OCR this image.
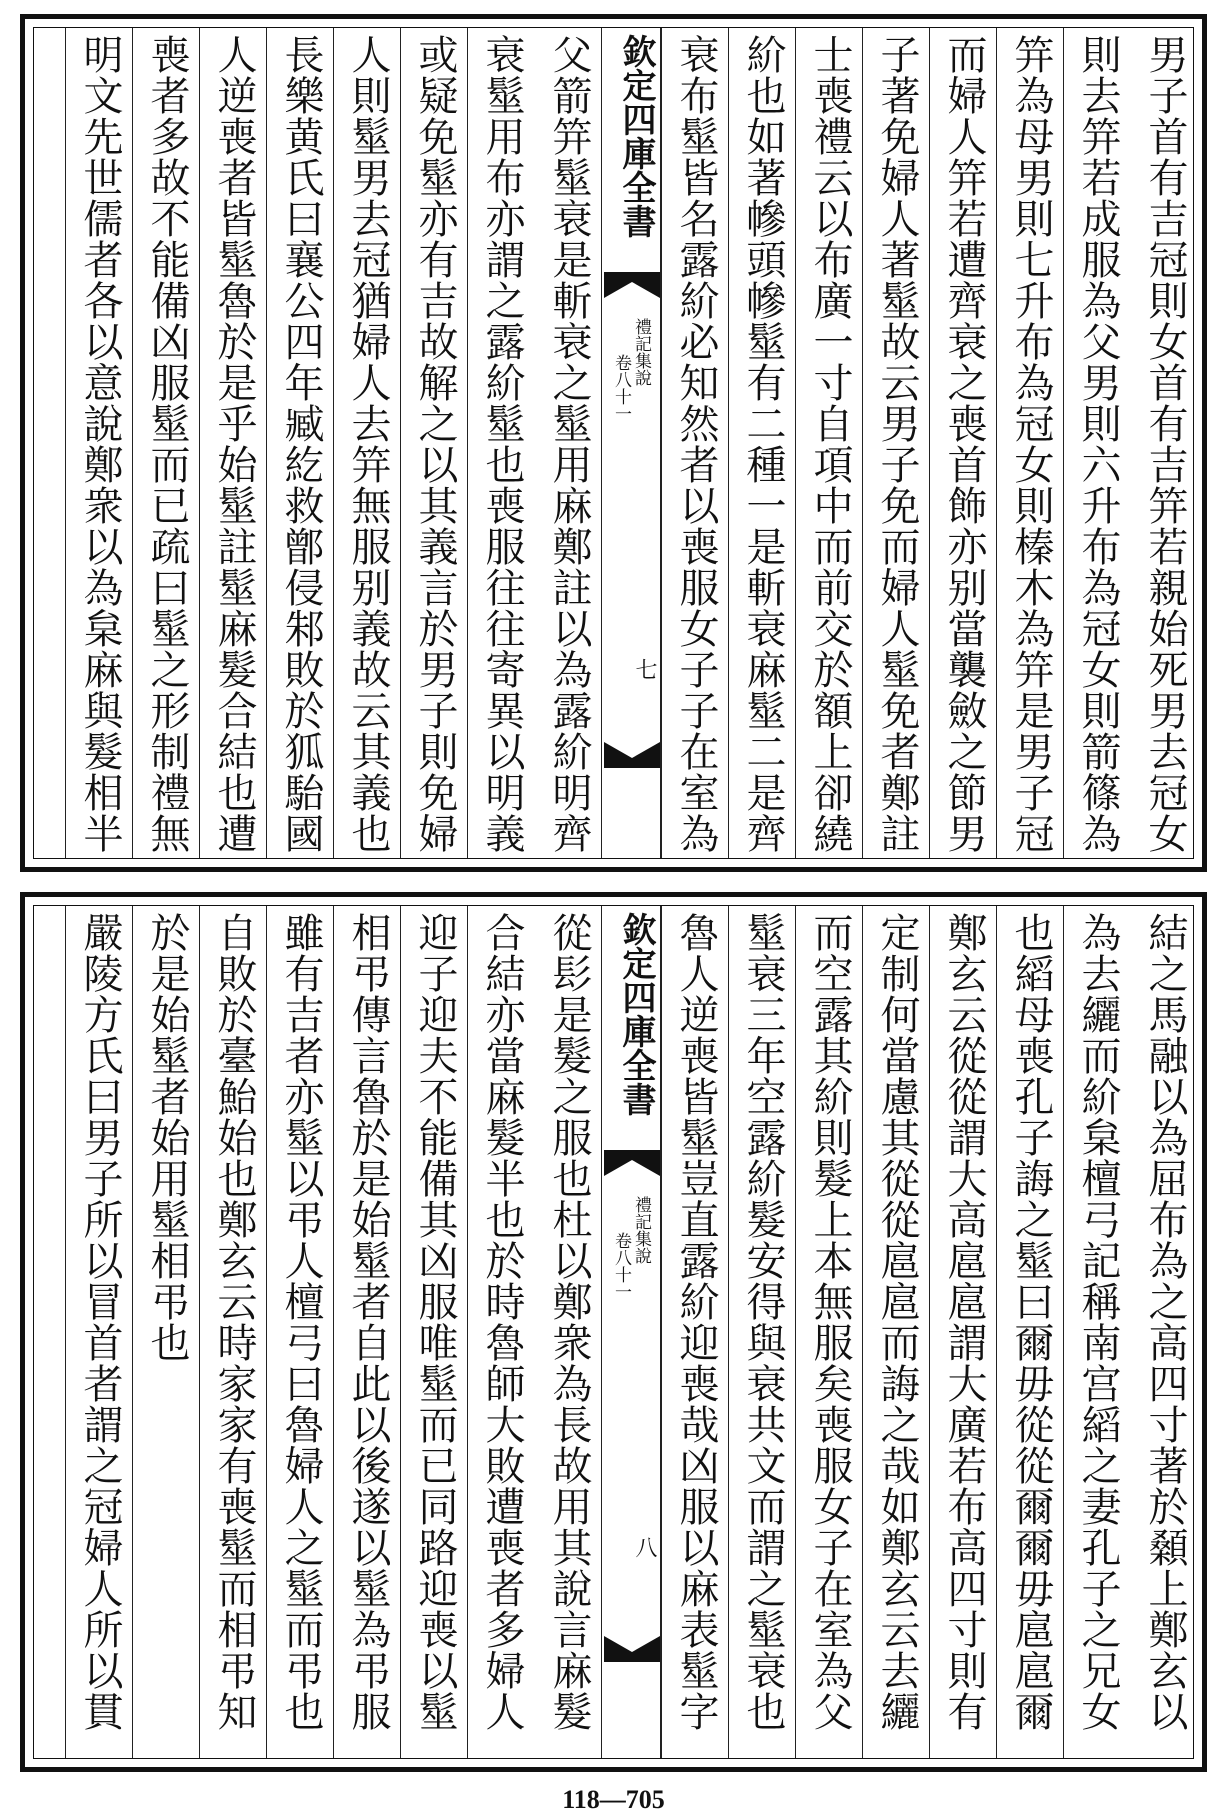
男子首有吉冠則女首有吉笄若親始死男去冠女
則去笄若成服為父男則六升布為冠女則箭篠為
笄為母男則七升布為冠女則榛木為笄是男子冠
而婦人笄若遭齊衰之喪首飾亦别當襲斂之節男
子著免婦人著髽故云男子免而婦人髽免者鄭註
士喪禮云以布廣一寸自項中而前交於額上卻繞
紒也如著幓頭幓髽有二種一是斬衰麻髽二是齊
衰布髽皆名露紒必知然者以喪服女子子在室為
欽定四庫全書
禮記集說
卷八十一
七
父箭笄髽衰是斬衰之髽用麻鄭註以為露紒明齊
衰髽用布亦謂之露紒髽也喪服往往寄異以明義
或疑免髽亦有吉故解之以其義言於男子則免婦
人則髽男去冠猶婦人去笄無服别義故云其義也
長樂黄氏曰襄公四年臧紇救鄫侵邾敗於狐駘國
人逆喪者皆髽魯於是乎始髽註髽麻髮合結也遭
喪者多故不能備凶服髽而已疏曰髽之形制禮無
明文先世儒者各以意說鄭衆以為枲麻與髮相半
結之馬融以為屈布為之高四寸著於顙上鄭玄以
為去纚而紒枲檀弓記稱南宫縚之妻孔子之兄女
也縚母喪孔子誨之髽曰爾毋從從爾爾毋扈扈爾
鄭玄云從從謂大高扈扈謂大廣若布高四寸則有
定制何當慮其從從扈扈而誨之哉如鄭玄云去纚
而空露其紒則髮上本無服矣喪服女子在室為父
髽衰三年空露紒髮安得與衰共文而謂之髽衰也
魯人逆喪皆髽豈直露紒迎喪哉凶服以麻表髽字
欽定四庫全書
禮記集說
卷八十一
八
從髟是髮之服也杜以鄭衆為長故用其說言麻髮
合結亦當麻髮半也於時魯師大敗遭喪者多婦人
迎子迎夫不能備其凶服唯髽而已同路迎喪以髽
相弔傳言魯於是始髽者自此以後遂以髽為弔服
雖有吉者亦髽以弔人檀弓曰魯婦人之髽而弔也
自敗於臺鮐始也鄭玄云時家家有喪髽而相弔知
於是始髽者始用髽相弔也
嚴陵方氏曰男子所以冒首者謂之冠婦人所以貫
118—705
